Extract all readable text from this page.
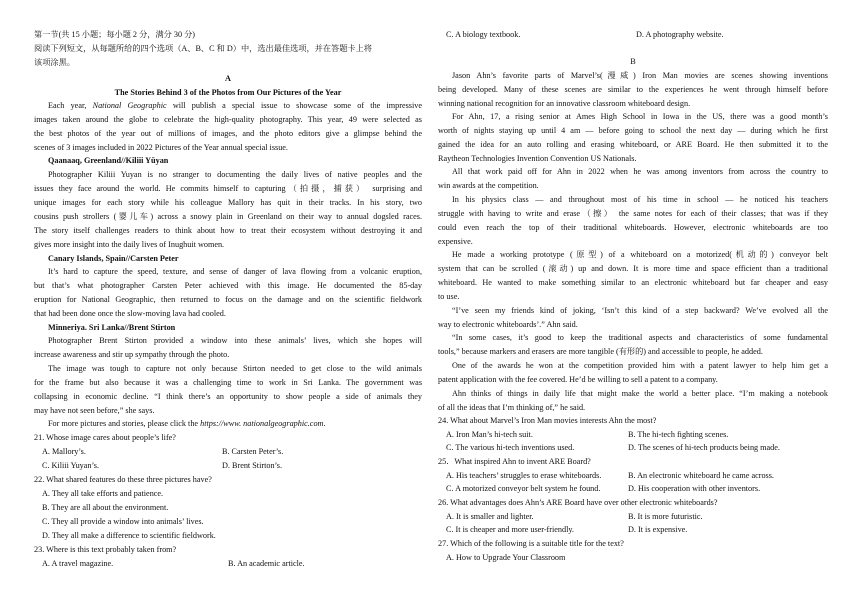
第一节(共 15 小题；每小题 2 分，满分 30 分)
阅读下列短文，从每题所给的四个选项（A、B、C 和 D）中，选出最佳选项，并在答题卡上将
该项涂黑。
A
The Stories Behind 3 of the Photos from Our Pictures of the Year
Each year, National Geographic will publish a special issue to showcase some of the impressive
images taken around the globe to celebrate the high-quality photography. This year, 49 were selected as
the best photos of the year out of millions of images, and the photo editors give a glimpse behind the
scenes of 3 images included in 2022 Pictures of the Year annual special issue.
Qaanaaq, Greenland//Kiliii Yūyan
Photographer Kiliii Yuyan is no stranger to documenting the daily lives of native peoples and the
issues they face around the world. He commits himself to capturing（拍摄，捕获） surprising and
unique images for each story while his colleague Mallory has quit in their tracks. In his story, two
cousins push strollers (婴儿车) across a snowy plain in Greenland on their way to annual dogsled races.
The story itself challenges readers to think about how to treat their ecosystem without destroying it and
gives more insight into the daily lives of Inughuit women.
Canary Islands, Spain//Carsten Peter
It’s hard to capture the speed, texture, and sense of danger of lava flowing from a volcanic eruption,
but that’s what photographer Carsten Peter achieved with this image. He documented the 85-day
eruption for National Geographic, then returned to focus on the damage and on the scientific fieldwork
that had been done once the slow-moving lava had cooled.
Minneriya. Sri Lanka//Brent Stirton
Photographer Brent Stirton provided a window into these animals’ lives, which she hopes will
increase awareness and stir up sympathy through the photo.
The image was tough to capture not only because Stirton needed to get close to the wild animals
for the frame but also because it was a challenging time to work in Sri Lanka. The government was
collapsing in economic decline. “I think there’s an opportunity to show people a side of animals they
may have not seen before,” she says.
For more pictures and stories, please click the https://www. nationalgeographic.com.
21. Whose image cares about people’s life?
A. Mallory’s.	B. Carsten Peter’s.
C. Kiliii Yuyan’s.	D. Brent Stirton’s.
22. What shared features do these three pictures have?
A. They all take efforts and patience.
B. They are all about the environment.
C. They all provide a window into animals’ lives.
D. They all make a difference to scientific fieldwork.
23. Where is this text probably taken from?
A. A travel magazine.	B. An academic article.
C. A biology textbook.	D. A photography website.
B
Jason Ahn’s favorite parts of Marvel’s(漫威) Iron Man movies are scenes showing inventions
being developed. Many of these scenes are similar to the experiences he went through himself before
winning national recognition for an innovative classroom whiteboard design.
For Ahn, 17, a rising senior at Ames High School in Iowa in the US, there was a good month’s
worth of nights staying up until 4 am — before going to school the next day — during which he first
gained the idea for an auto rolling and erasing whiteboard, or ARE Board. He then submitted it to the
Raytheon Technologies Invention Convention US Nationals.
All that work paid off for Ahn in 2022 when he was among inventors from across the country to
win awards at the competition.
In his physics class — and throughout most of his time in school — he noticed his teachers
struggle with having to write and erase（擦） the same notes for each of their classes; that was if they
could even reach the top of their traditional whiteboards. However, electronic whiteboards are too
expensive.
He made a working prototype (原型) of a whiteboard on a motorized(机动的) conveyor belt
system that can be scrolled (滚动) up and down. It is more time and space efficient than a traditional
whiteboard. He wanted to make something similar to an electronic whiteboard but far cheaper and easy
to use.
“I’ve seen my friends kind of joking, ‘Isn’t this kind of a step backward? We’ve evolved all the
way to electronic whiteboards’.” Ahn said.
“In some cases, it’s good to keep the traditional aspects and characteristics of some fundamental
tools,” because markers and erasers are more tangible (有形的) and accessible to people, he added.
One of the awards he won at the competition provided him with a patent lawyer to help him get a
patent application with the fee covered. He’d be willing to sell a patent to a company.
Ahn thinks of things in daily life that might make the world a better place. “I’m making a notebook
of all the ideas that I’m thinking of,” he said.
24. What about Marvel’s Iron Man movies interests Ahn the most?
A. Iron Man’s hi-tech suit.	B. The hi-tech fighting scenes.
C. The various hi-tech inventions used.	D. The scenes of hi-tech products being made.
25．What inspired Ahn to invent ARE Board?
A. His teachers’ struggles to erase whiteboards.	B. An electronic whiteboard he came across.
C. A motorized conveyor belt system he found.	D. His cooperation with other inventors.
26. What advantages does Ahn’s ARE Board have over other electronic whiteboards?
A. It is smaller and lighter.	B. It is more futuristic.
C. It is cheaper and more user-friendly.	D. It is expensive.
27. Which of the following is a suitable title for the text?
A. How to Upgrade Your Classroom
